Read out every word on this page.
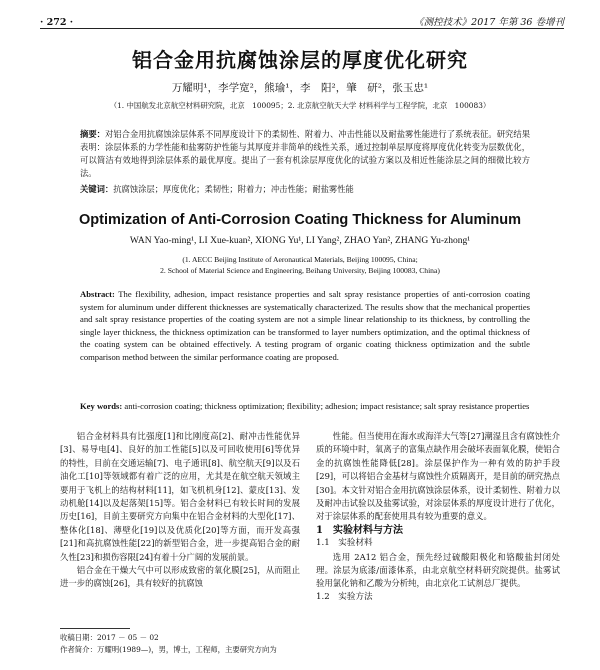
· 272 ·	《测控技术》2017 年第 36 卷增刊
铝合金用抗腐蚀涂层的厚度优化研究
万耀明¹，李学宽²，熊瑜¹，李　阳²，肇　研²，张玉忠¹
（1. 中国航发北京航空材料研究院，北京　100095；2. 北京航空航天大学 材料科学与工程学院，北京　100083）
摘要：对铝合金用抗腐蚀涂层体系不同厚度设计下的柔韧性、附着力、冲击性能以及耐盐雾性能进行了系统表征。研究结果表明：涂层体系的力学性能和盐雾防护性能与其厚度并非简单的线性关系，通过控制单层厚度将厚度优化转变为层数优化，可以简洁有效地得到涂层体系的最优厚度。提出了一套有机涂层厚度优化的试验方案以及相近性能涂层之间的细微比较方法。
关键词：抗腐蚀涂层；厚度优化；柔韧性；附着力；冲击性能；耐盐雾性能
Optimization of Anti-Corrosion Coating Thickness for Aluminum
WAN Yao-ming¹, LI Xue-kuan², XIONG Yu¹, LI Yang², ZHAO Yan², ZHANG Yu-zhong¹
(1. AECC Beijing Institute of Aeronautical Materials, Beijing 100095, China;
2. School of Material Science and Engineering, Beihang University, Beijing 100083, China)
Abstract: The flexibility, adhesion, impact resistance properties and salt spray resistance properties of anti-corrosion coating system for aluminum under different thicknesses are systematically characterized. The results show that the mechanical properties and salt spray resistance properties of the coating system are not a simple linear relationship to its thickness, by controlling the single layer thickness, the thickness optimization can be transformed to layer numbers optimization, and the optimal thickness of the coating system can be obtained effectively. A testing program of organic coating thickness optimization and the subtle comparison method between the similar performance coating are proposed.
Key words: anti-corrosion coating; thickness optimization; flexibility; adhesion; impact resistance; salt spray resistance properties

铝合金材料具有比强度[1]和比刚度高[2]、耐冲击性能优异[3]、易导电[4]、良好的加工性能[5]以及可回收使用[6]等优异的特性，目前在交通运输[7]、电子通讯[8]、航空航天[9]以及石油化工[10]等领域都有着广泛的应用，尤其是在航空航天领域主要用于飞机上的结构材料[11]，如飞机机身[12]、蒙皮[13]、发动机舱[14]以及起落架[15]等。铝合金材料已有较长时间的发展历史[16]，目前主要研究方向集中在铝合金材料的大型化[17]、整体化[18]、薄壁化[19]以及优质化[20]等方面，而开发高强[21]和高抗腐蚀性能[22]的新型铝合金，进一步提高铝合金的耐久性[23]和损伤容限[24]有着十分广阔的发展前景。

铝合金在干燥大气中可以形成致密的氧化膜[25]，从而阻止进一步的腐蚀[26]，具有较好的抗腐蚀

性能。但当使用在海水或海洋大气等[27]潮湿且含有腐蚀性介质的环境中时，氧离子的富集点缺作用会破坏表面氧化膜，使铝合金的抗腐蚀性能降低[28]。涂层保护作为一种有效的防护手段[29]，可以将铝合金基材与腐蚀性介质隔离开，是目前的研究热点[30]。本文针对铝合金用抗腐蚀涂层体系，设计柔韧性、附着力以及耐冲击试验以及盐雾试验，对涂层体系的厚度设计进行了优化，对于涂层体系的配套使用具有较为重要的意义。

1　实验材料与方法

1.1　实验材料

选用 2A12 铝合金，预先经过硫酸阳极化和铬酸盐封闭处理。涂层为底漆/面漆体系，由北京航空材料研究院提供。盐雾试验用氯化钠和乙酸为分析纯，由北京化工试剂总厂提供。

1.2　实验方法

收稿日期：2017 － 05 － 02
作者简介：万耀明(1989—)，男，博士，工程师，主要研究方向为
